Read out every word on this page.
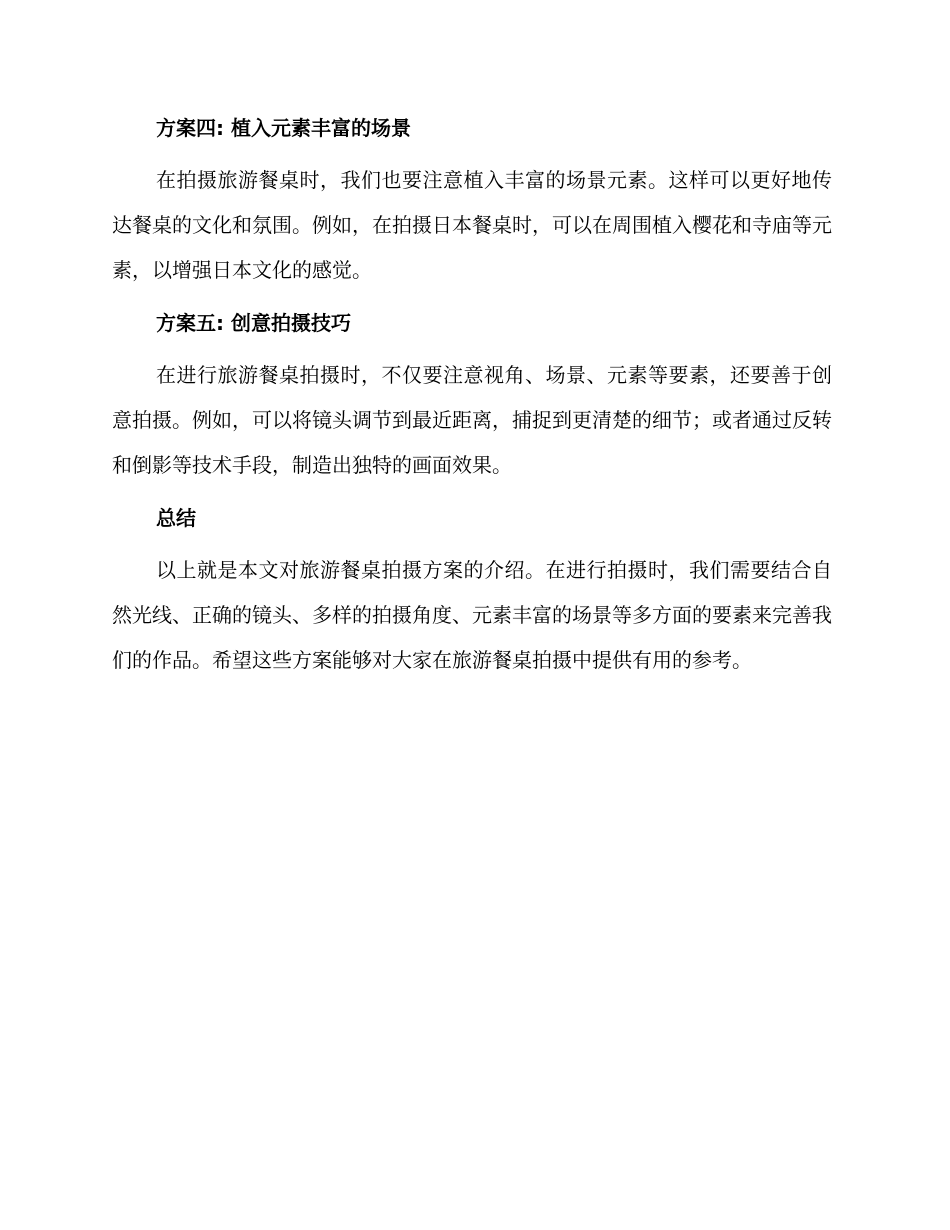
方案四: 植入元素丰富的场景
在拍摄旅游餐桌时，我们也要注意植入丰富的场景元素。这样可以更好地传达餐桌的文化和氛围。例如，在拍摄日本餐桌时，可以在周围植入樱花和寺庙等元素，以增强日本文化的感觉。
方案五: 创意拍摄技巧
在进行旅游餐桌拍摄时，不仅要注意视角、场景、元素等要素，还要善于创意拍摄。例如，可以将镜头调节到最近距离，捕捉到更清楚的细节；或者通过反转和倒影等技术手段，制造出独特的画面效果。
总结
以上就是本文对旅游餐桌拍摄方案的介绍。在进行拍摄时，我们需要结合自然光线、正确的镜头、多样的拍摄角度、元素丰富的场景等多方面的要素来完善我们的作品。希望这些方案能够对大家在旅游餐桌拍摄中提供有用的参考。
